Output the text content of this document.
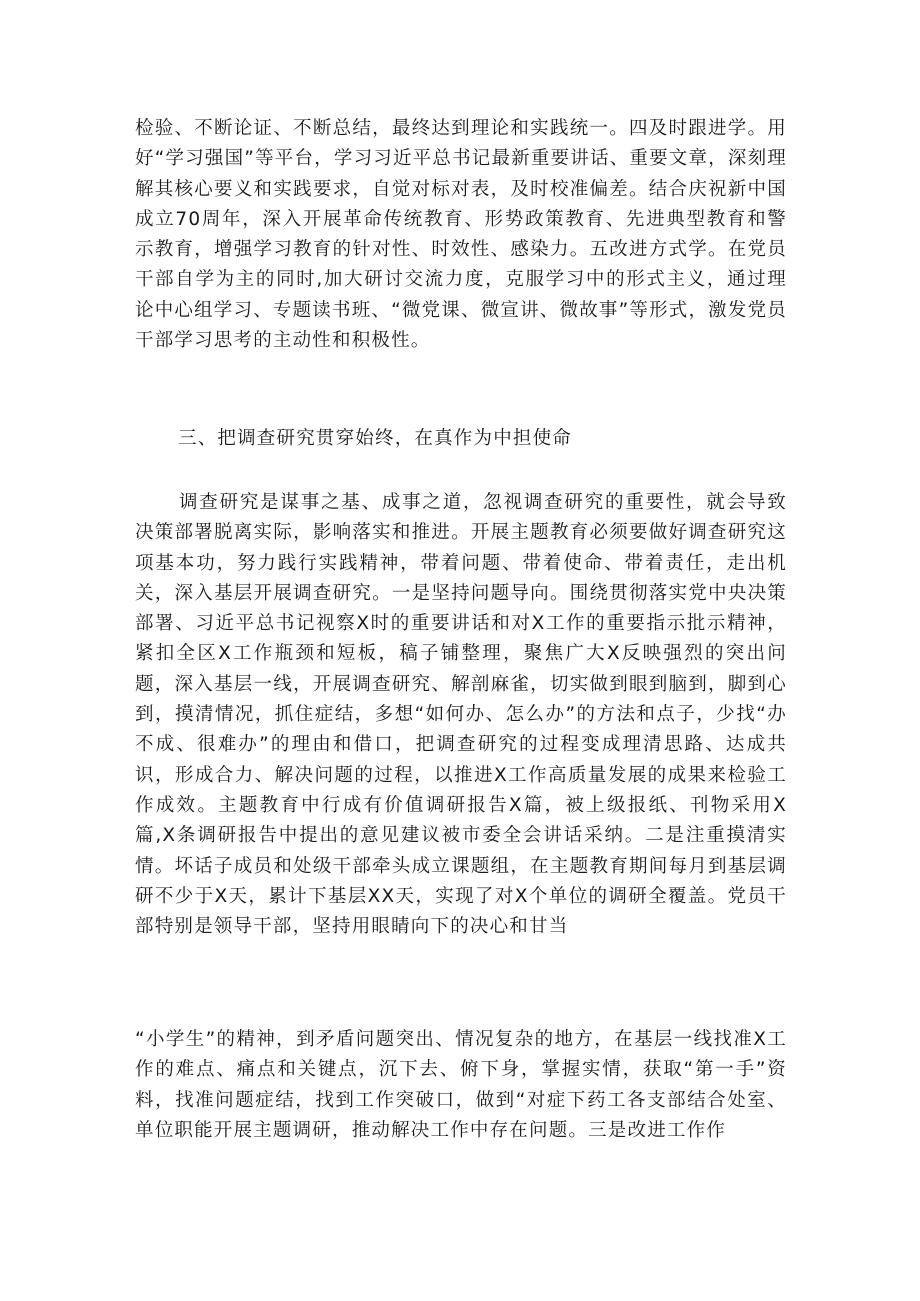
检验、不断论证、不断总结，最终达到理论和实践统一。四及时跟进学。用好“学习强国”等平台，学习习近平总书记最新重要讲话、重要文章，深刻理解其核心要义和实践要求，自觉对标对表，及时校准偏差。结合庆祝新中国成立70周年，深入开展革命传统教育、形势政策教育、先进典型教育和警示教育，增强学习教育的针对性、时效性、感染力。五改进方式学。在党员干部自学为主的同时,加大研讨交流力度，克服学习中的形式主义，通过理论中心组学习、专题读书班、“微党课、微宣讲、微故事”等形式，激发党员干部学习思考的主动性和积极性。

三、把调查研究贯穿始终，在真作为中担使命

调查研究是谋事之基、成事之道，忽视调查研究的重要性，就会导致决策部署脱离实际，影响落实和推进。开展主题教育必须要做好调查研究这项基本功，努力践行实践精神，带着问题、带着使命、带着责任，走出机关，深入基层开展调查研究。一是坚持问题导向。围绕贯彻落实党中央决策部署、习近平总书记视察X时的重要讲话和对X工作的重要指示批示精神，紧扣全区X工作瓶颈和短板，稿子铺整理，聚焦广大X反映强烈的突出问题，深入基层一线，开展调查研究、解剖麻雀，切实做到眼到脑到，脚到心到，摸清情况，抓住症结，多想“如何办、怎么办”的方法和点子，少找“办不成、很难办”的理由和借口，把调查研究的过程变成理清思路、达成共识，形成合力、解决问题的过程，以推进X工作高质量发展的成果来检验工作成效。主题教育中行成有价值调研报告X篇，被上级报纸、刊物采用X篇,X条调研报告中提出的意见建议被市委全会讲话采纳。二是注重摸清实情。坏话子成员和处级干部牵头成立课题组，在主题教育期间每月到基层调研不少于X天，累计下基层XX天，实现了对X个单位的调研全覆盖。党员干部特别是领导干部，坚持用眼睛向下的决心和甘当

“小学生”的精神，到矛盾问题突出、情况复杂的地方，在基层一线找准X工作的难点、痛点和关键点，沉下去、俯下身，掌握实情，获取“第一手”资料，找准问题症结，找到工作突破口，做到“对症下药工各支部结合处室、单位职能开展主题调研，推动解决工作中存在问题。三是改进工作作
